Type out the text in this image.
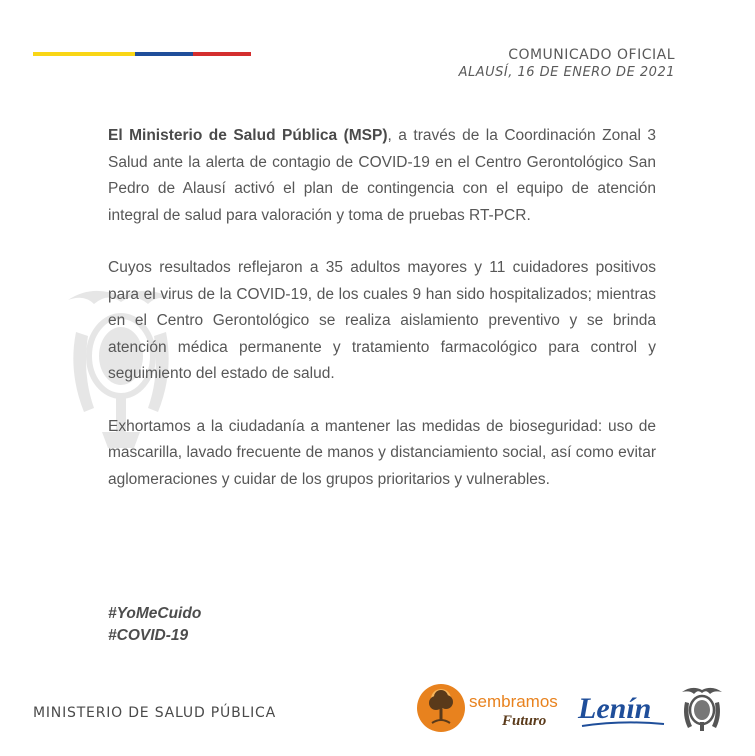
COMUNICADO OFICIAL
ALAUSÍ, 16 DE ENERO DE 2021

El Ministerio de Salud Pública (MSP), a través de la Coordinación Zonal 3 Salud ante la alerta de contagio de COVID-19 en el Centro Gerontológico San Pedro de Alausí activó el plan de contingencia con el equipo de atención integral de salud para valoración y toma de pruebas RT-PCR.

Cuyos resultados reflejaron a 35 adultos mayores y 11 cuidadores positivos para el virus de la COVID-19, de los cuales 9 han sido hospitalizados; mientras en el Centro Gerontológico se realiza aislamiento preventivo y se brinda atención médica permanente y tratamiento farmacológico para control y seguimiento del estado de salud.

Exhortamos a la ciudadanía a mantener las medidas de bioseguridad: uso de mascarilla, lavado frecuente de manos y distanciamiento social, así como evitar aglomeraciones y cuidar de los grupos prioritarios y vulnerables.

#YoMeCuido
#COVID-19
MINISTERIO DE SALUD PÚBLICA
sembramos
Futuro Lenín
